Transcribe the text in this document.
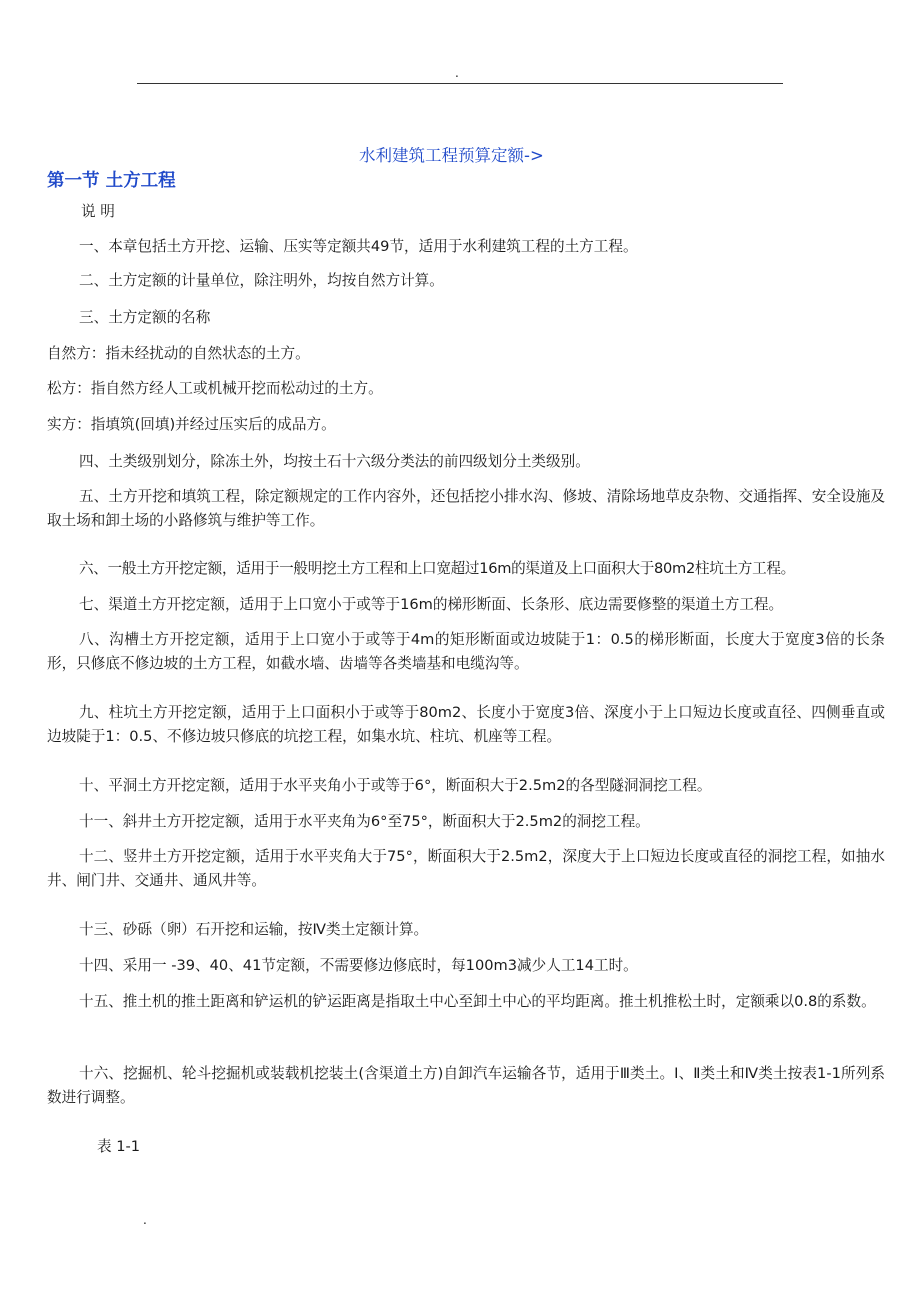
.
水利建筑工程预算定额->
第一节 土方工程
说 明

一、本章包括土方开挖、运输、压实等定额共49节，适用于水利建筑工程的土方工程。

二、土方定额的计量单位，除注明外，均按自然方计算。

三、土方定额的名称

自然方：指未经扰动的自然状态的土方。

松方：指自然方经人工或机械开挖而松动过的土方。

实方：指填筑(回填)并经过压实后的成品方。

四、土类级别划分，除冻土外，均按土石十六级分类法的前四级划分土类级别。

五、土方开挖和填筑工程，除定额规定的工作内容外，还包括挖小排水沟、修坡、清除场地草皮杂物、交通指挥、安全设施及取土场和卸土场的小路修筑与维护等工作。

六、一般土方开挖定额，适用于一般明挖土方工程和上口宽超过16m的渠道及上口面积大于80m2柱坑土方工程。

七、渠道土方开挖定额，适用于上口宽小于或等于16m的梯形断面、长条形、底边需要修整的渠道土方工程。

八、沟槽土方开挖定额，适用于上口宽小于或等于4m的矩形断面或边坡陡于1：0.5的梯形断面，长度大于宽度3倍的长条形，只修底不修边坡的土方工程，如截水墙、齿墙等各类墙基和电缆沟等。

九、柱坑土方开挖定额，适用于上口面积小于或等于80m2、长度小于宽度3倍、深度小于上口短边长度或直径、四侧垂直或边坡陡于1：0.5、不修边坡只修底的坑挖工程，如集水坑、柱坑、机座等工程。

十、平洞土方开挖定额，适用于水平夹角小于或等于6°，断面积大于2.5m2的各型隧洞洞挖工程。

十一、斜井土方开挖定额，适用于水平夹角为6°至75°，断面积大于2.5m2的洞挖工程。

十二、竖井土方开挖定额，适用于水平夹角大于75°，断面积大于2.5m2，深度大于上口短边长度或直径的洞挖工程，如抽水井、闸门井、交通井、通风井等。

十三、砂砾（卵）石开挖和运输，按Ⅳ类土定额计算。

十四、采用一 -39、40、41节定额，不需要修边修底时，每100m3减少人工14工时。

十五、推土机的推土距离和铲运机的铲运距离是指取土中心至卸土中心的平均距离。推土机推松土时，定额乘以0.8的系数。

十六、挖掘机、轮斗挖掘机或装载机挖装土(含渠道土方)自卸汽车运输各节，适用于Ⅲ类土。Ⅰ、Ⅱ类土和Ⅳ类土按表1-1所列系数进行调整。

表 1-1
.
